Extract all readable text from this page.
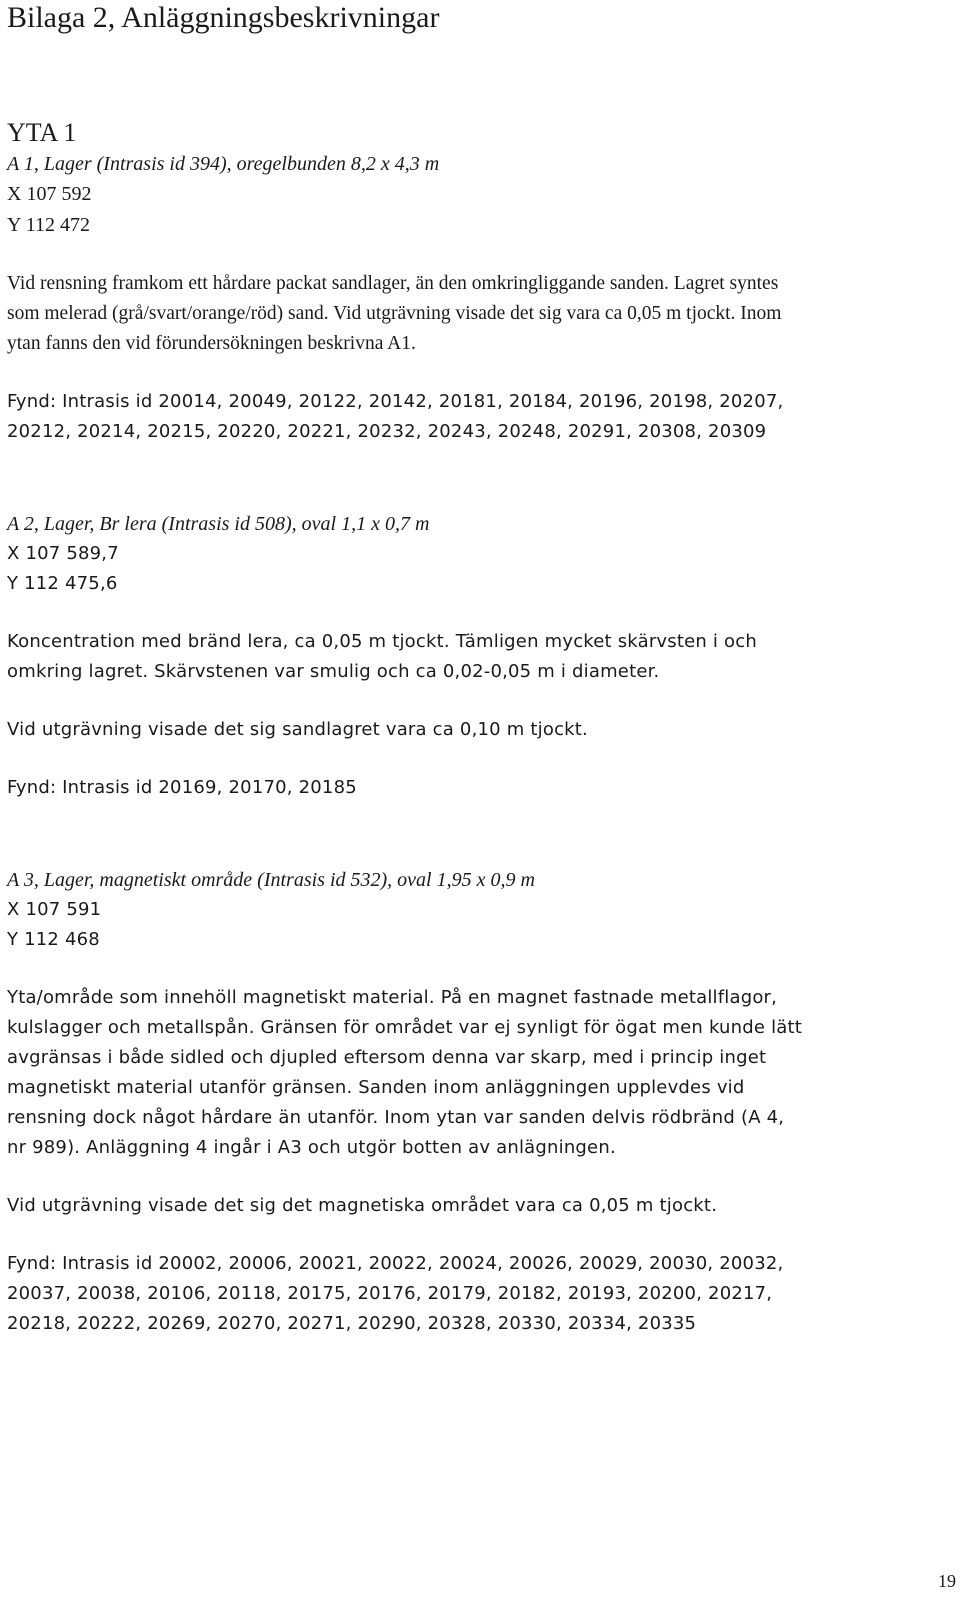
Bilaga 2, Anläggningsbeskrivningar
YTA 1

A 1, Lager (Intrasis id 394), oregelbunden 8,2 x 4,3 m

X 107 592

Y 112 472

Vid rensning framkom ett hårdare packat sandlager, än den omkringliggande sanden. Lagret syntes som melerad (grå/svart/orange/röd) sand. Vid utgrävning visade det sig vara ca 0,05 m tjockt. Inom ytan fanns den vid förundersökningen beskrivna A1.

Fynd: Intrasis id 20014, 20049, 20122, 20142, 20181, 20184, 20196, 20198, 20207, 20212, 20214, 20215, 20220, 20221, 20232, 20243, 20248, 20291, 20308, 20309

A 2, Lager, Br lera (Intrasis id 508), oval 1,1 x 0,7 m

X 107 589,7

Y 112 475,6

Koncentration med bränd lera, ca 0,05 m tjockt. Tämligen mycket skärvsten i och omkring lagret. Skärvstenen var smulig och ca 0,02-0,05 m i diameter.

Vid utgrävning visade det sig sandlagret vara ca 0,10 m tjockt.

Fynd: Intrasis id 20169, 20170, 20185

A 3, Lager, magnetiskt område (Intrasis id 532), oval 1,95 x 0,9 m

X 107 591

Y 112 468

Yta/område som innehöll magnetiskt material. På en magnet fastnade metallflagor, kulslagger och metallspån. Gränsen för området var ej synligt för ögat men kunde lätt avgränsas i både sidled och djupled eftersom denna var skarp, med i princip inget magnetiskt material utanför gränsen. Sanden inom anläggningen upplevdes vid rensning dock något hårdare än utanför. Inom ytan var sanden delvis rödbränd (A 4, nr 989). Anläggning 4 ingår i A3 och utgör botten av anlägningen.

Vid utgrävning visade det sig det magnetiska området vara ca 0,05 m tjockt.

Fynd: Intrasis id 20002, 20006, 20021, 20022, 20024, 20026, 20029, 20030, 20032, 20037, 20038, 20106, 20118, 20175, 20176, 20179, 20182, 20193, 20200, 20217, 20218, 20222, 20269, 20270, 20271, 20290, 20328, 20330, 20334, 20335

19
